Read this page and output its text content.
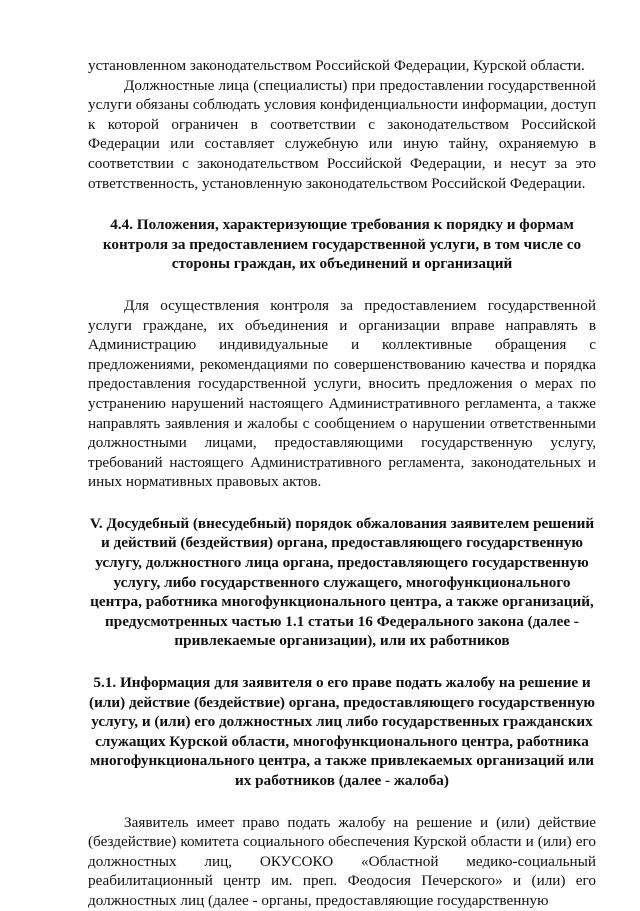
установленном законодательством Российской Федерации, Курской области.

Должностные лица (специалисты) при предоставлении государственной услуги обязаны соблюдать условия конфиденциальности информации, доступ к которой ограничен в соответствии с законодательством Российской Федерации или составляет служебную или иную тайну, охраняемую в соответствии с законодательством Российской Федерации, и несут за это ответственность, установленную законодательством Российской Федерации.

4.4. Положения, характеризующие требования к порядку и формам контроля за предоставлением государственной услуги, в том числе со стороны граждан, их объединений и организаций

Для осуществления контроля за предоставлением государственной услуги граждане, их объединения и организации вправе направлять в Администрацию индивидуальные и коллективные обращения с предложениями, рекомендациями по совершенствованию качества и порядка предоставления государственной услуги, вносить предложения о мерах по устранению нарушений настоящего Административного регламента, а также направлять заявления и жалобы с сообщением о нарушении ответственными должностными лицами, предоставляющими государственную услугу, требований настоящего Административного регламента, законодательных и иных нормативных правовых актов.

V. Досудебный (внесудебный) порядок обжалования заявителем решений и действий (бездействия) органа, предоставляющего государственную услугу, должностного лица органа, предоставляющего государственную услугу, либо государственного служащего, многофункционального центра, работника многофункционального центра, а также организаций, предусмотренных частью 1.1 статьи 16 Федерального закона (далее - привлекаемые организации), или их работников
5.1. Информация для заявителя о его праве подать жалобу на решение и (или) действие (бездействие) органа, предоставляющего государственную услугу, и (или) его должностных лиц либо государственных гражданских служащих Курской области, многофункционального центра, работника многофункционального центра, а также привлекаемых организаций или их работников (далее - жалоба)

Заявитель имеет право подать жалобу на решение и (или) действие (бездействие) комитета социального обеспечения Курской области и (или) его должностных лиц, ОКУСОКО «Областной медико-социальный реабилитационный центр им. преп. Феодосия Печерского» и (или) его должностных лиц (далее - органы, предоставляющие государственную
